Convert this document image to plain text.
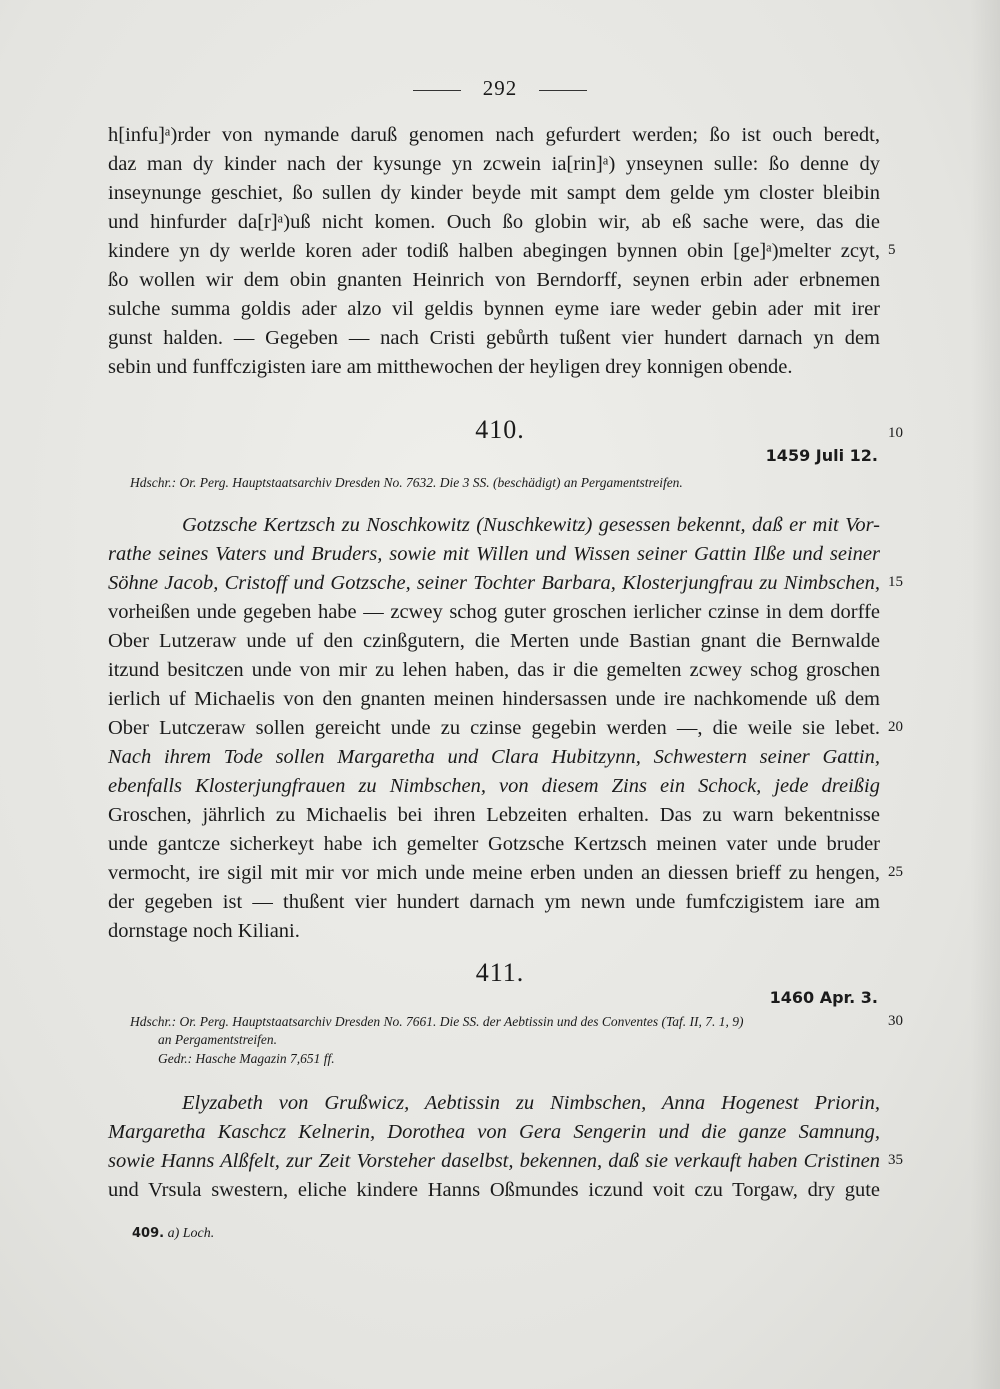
292
h[infu]ᵃ)rder von nymande daruß genomen nach gefurdert werden; ßo ist ouch beredt,
daz man dy kinder nach der kysunge yn zcwein ia[rin]ᵃ) ynseynen sulle: ßo denne dy
inseynunge geschiet, ßo sullen dy kinder beyde mit sampt dem gelde ym closter bleibin
und hinfurder da[r]ᵃ)uß nicht komen. Ouch ßo globin wir, ab eß sache were, das die
kindere yn dy werlde koren ader todiß halben abegingen bynnen obin [ge]ᵃ)melter zcyt, 5
ßo wollen wir dem obin gnanten Heinrich von Berndorff, seynen erbin ader erbnemen
sulche summa goldis ader alzo vil geldis bynnen eyme iare weder gebin ader mit irer
gunst halden. — Gegeben — nach Cristi gebůrth tußent vier hundert darnach yn dem
sebin und funffczigisten iare am mitthewochen der heyligen drey konnigen obende.
410.	10
1459 Juli 12.
Hdschr.: Or. Perg. Hauptstaatsarchiv Dresden No. 7632. Die 3 SS. (beschädigt) an Pergamentstreifen.
Gotzsche Kertzsch zu Noschkowitz (Nuschkewitz) gesessen bekennt, daß er mit Vor-
rathe seines Vaters und Bruders, sowie mit Willen und Wissen seiner Gattin Ilße und seiner
Söhne Jacob, Cristoff und Gotzsche, seiner Tochter Barbara, Klosterjungfrau zu Nimbschen, 15
vorheißen unde gegeben habe — zcwey schog guter groschen ierlicher czinse in dem dorffe
Ober Lutzeraw unde uf den czinßgutern, die Merten unde Bastian gnant die Bernwalde
itzund besitczen unde von mir zu lehen haben, das ir die gemelten zcwey schog groschen
ierlich uf Michaelis von den gnanten meinen hindersassen unde ire nachkomende uß dem
Ober Lutczeraw sollen gereicht unde zu czinse gegebin werden —, die weile sie lebet. 20
Nach ihrem Tode sollen Margaretha und Clara Hubitzynn, Schwestern seiner Gattin,
ebenfalls Klosterjungfrauen zu Nimbschen, von diesem Zins ein Schock, jede dreißig
Groschen, jährlich zu Michaelis bei ihren Lebzeiten erhalten. Das zu warn bekentnisse
unde gantcze sicherkeyt habe ich gemelter Gotzsche Kertzsch meinen vater unde bruder
vermocht, ire sigil mit mir vor mich unde meine erben unden an diessen brieff zu hengen, 25
der gegeben ist — thußent vier hundert darnach ym newn unde fumfczigistem iare am
dornstage noch Kiliani.
411.
1460 Apr. 3.
Hdschr.: Or. Perg. Hauptstaatsarchiv Dresden No. 7661. Die SS. der Aebtissin und des Conventes (Taf. II, 7. 1, 9)	30
an Pergamentstreifen.
Gedr.: Hasche Magazin 7,651 ff.
Elyzabeth von Grußwicz, Aebtissin zu Nimbschen, Anna Hogenest Priorin,
Margaretha Kaschcz Kelnerin, Dorothea von Gera Sengerin und die ganze Samnung,
sowie Hanns Alßfelt, zur Zeit Vorsteher daselbst, bekennen, daß sie verkauft haben Cristinen 35
und Vrsula swestern, eliche kindere Hanns Oßmundes iczund voit czu Torgaw, dry gute
409. a) Loch.
